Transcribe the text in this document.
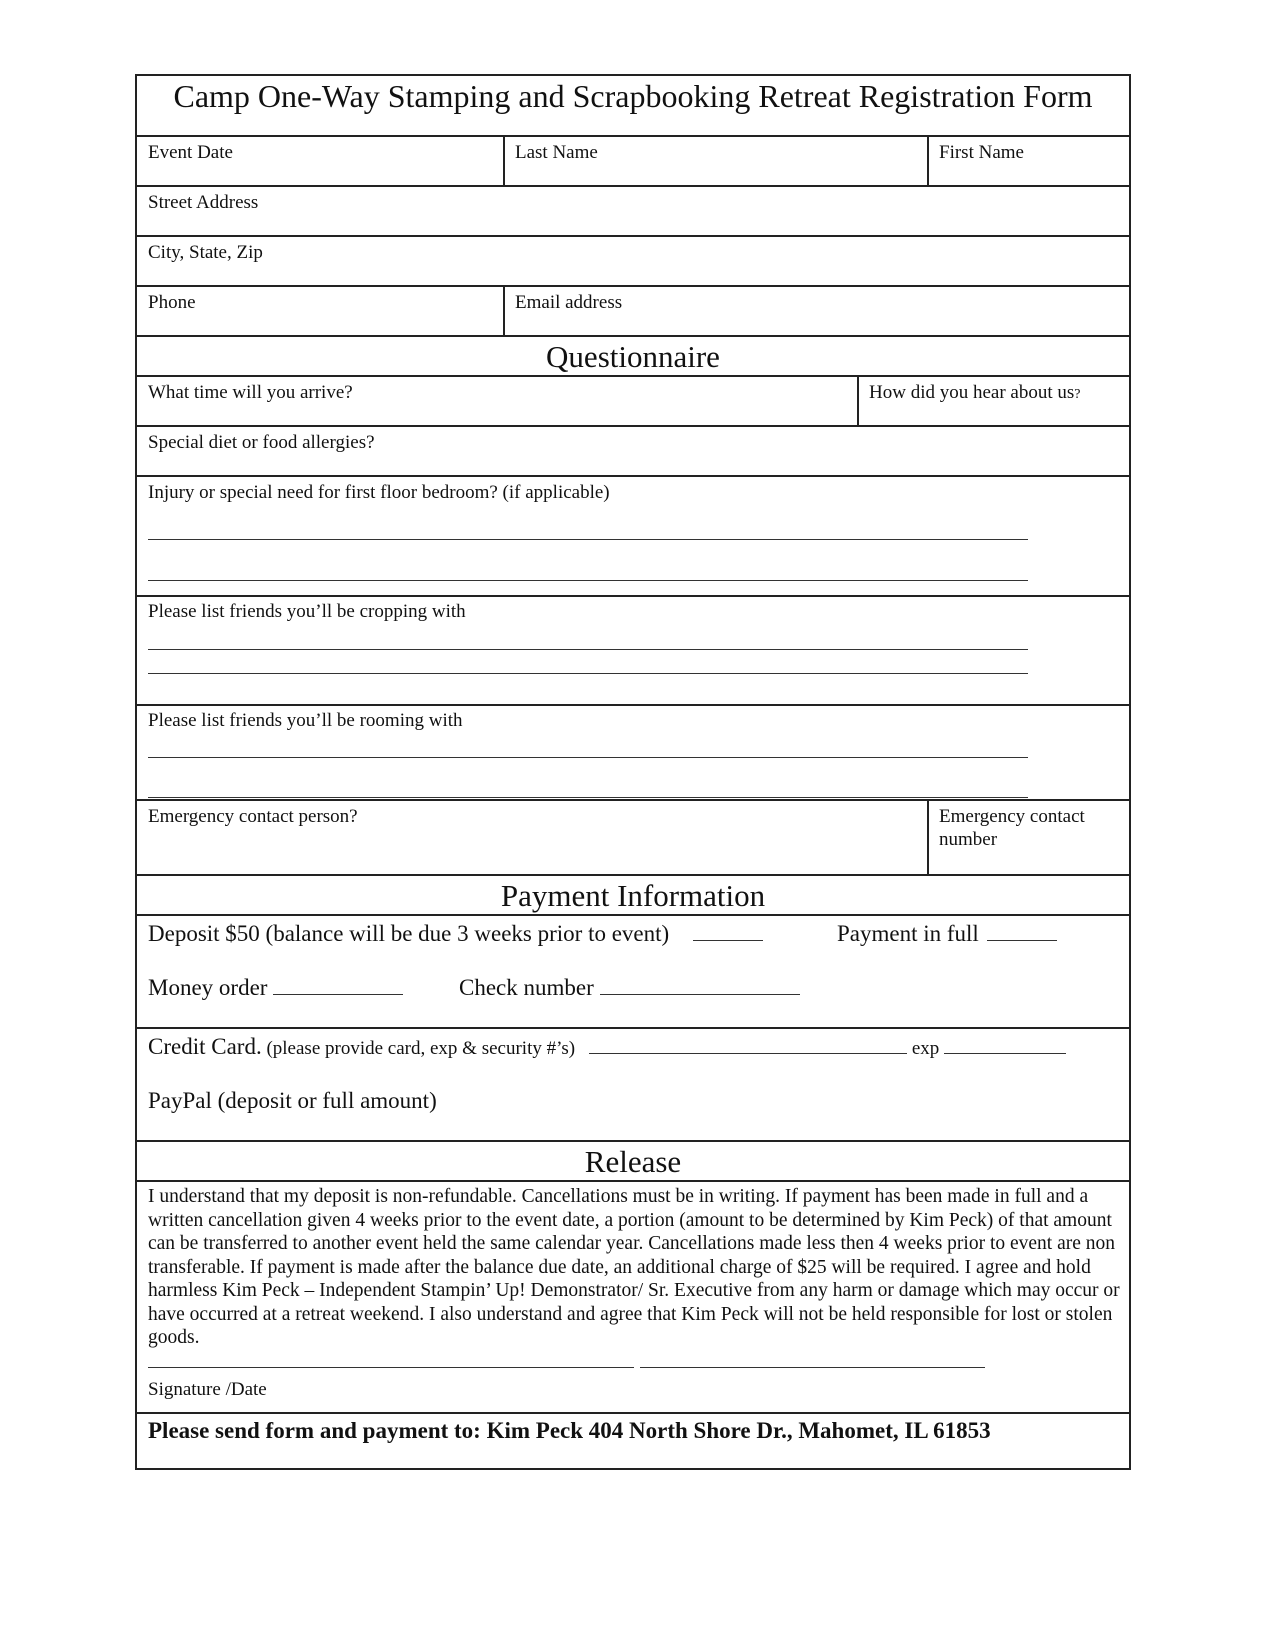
Camp One-Way Stamping and Scrapbooking Retreat Registration Form
Event Date	Last Name	First Name
Street Address
City, State, Zip
Phone	Email address
Questionnaire
What time will you arrive?	How did you hear about us?
Special diet or food allergies?
Injury or special need for first floor bedroom? (if applicable)
Please list friends you’ll be cropping with
Please list friends you’ll be rooming with
Emergency contact person?	Emergency contact
number
Payment Information
Deposit $50 (balance will be due 3 weeks prior to event)	Payment in full
Money order	Check number
Credit Card. (please provide card, exp & security #’s)	exp
PayPal (deposit or full amount)
Release
I understand that my deposit is non-refundable. Cancellations must be in writing. If payment has been made in full and a written cancellation given 4 weeks prior to the event date, a portion (amount to be determined by Kim Peck) of that amount can be transferred to another event held the same calendar year. Cancellations made less then 4 weeks prior to event are non transferable. If payment is made after the balance due date, an additional charge of $25 will be required. I agree and hold harmless Kim Peck – Independent Stampin’ Up! Demonstrator/ Sr. Executive from any harm or damage which may occur or have occurred at a retreat weekend. I also understand and agree that Kim Peck will not be held responsible for lost or stolen goods.
Signature /Date
Please send form and payment to: Kim Peck 404 North Shore Dr., Mahomet, IL 61853
